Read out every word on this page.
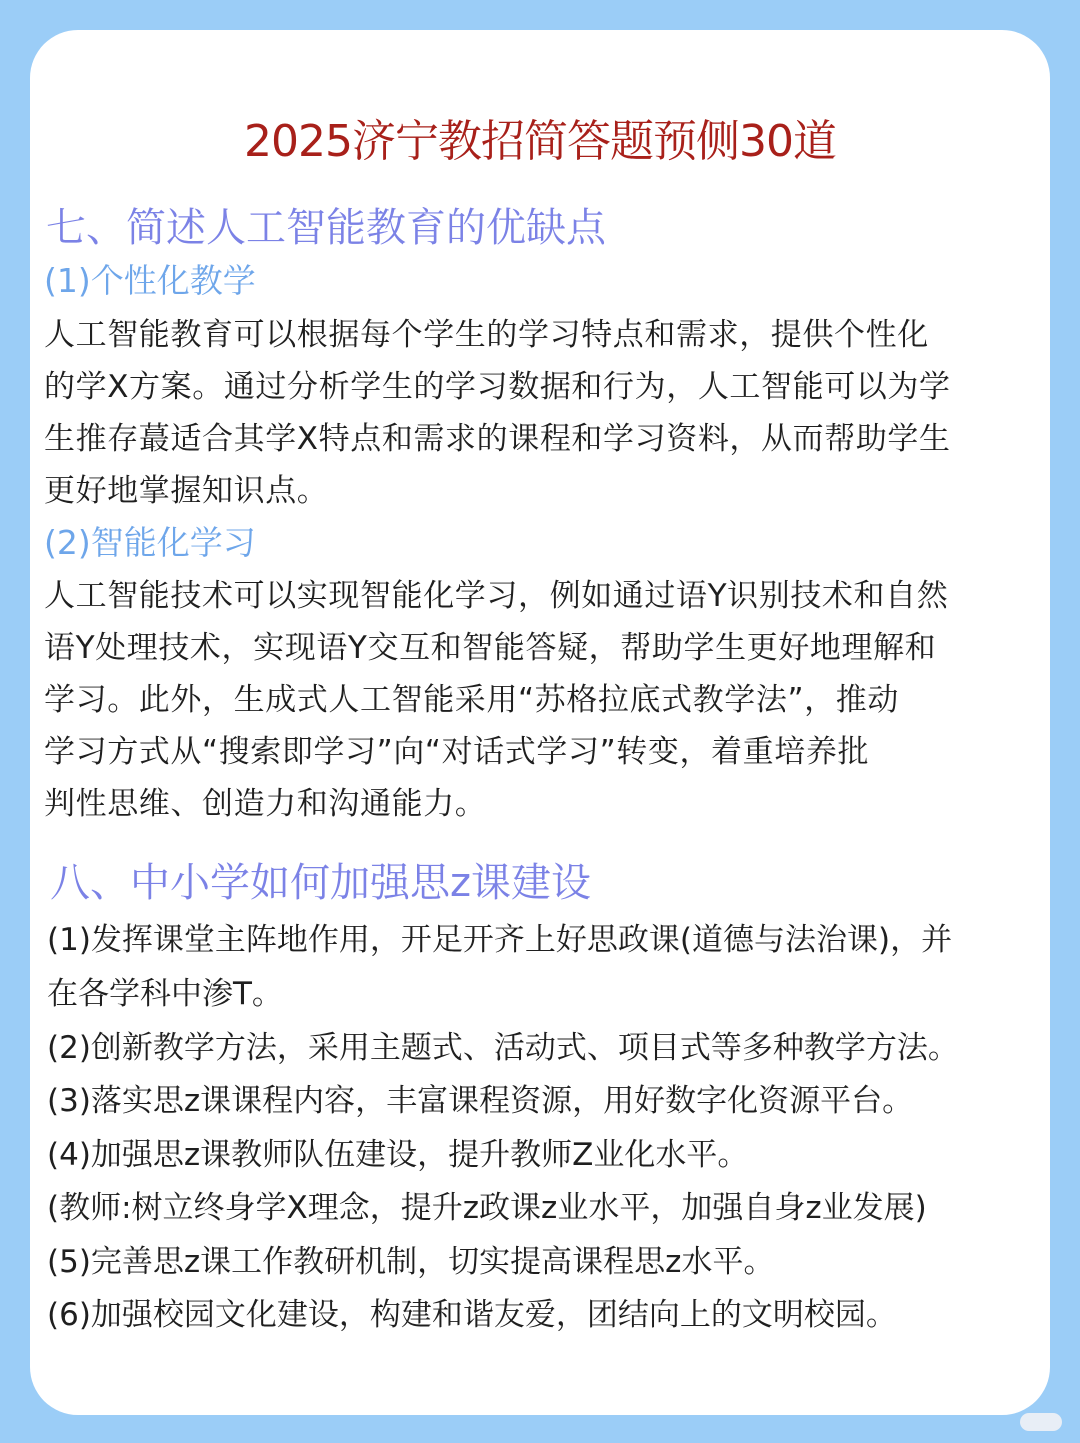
2025济宁教招简答题预侧30道
七、简述人工智能教育的优缺点
(1)个性化教学
人工智能教育可以根据每个学生的学习特点和需求，提供个性化
的学X方案。通过分析学生的学习数据和行为，人工智能可以为学
生推存蕞适合其学X特点和需求的课程和学习资料，从而帮助学生
更好地掌握知识点。
(2)智能化学习
人工智能技术可以实现智能化学习，例如通过语Y识别技术和自然
语Y处理技术，实现语Y交互和智能答疑，帮助学生更好地理解和
学习。此外，生成式人工智能采用“苏格拉底式教学法”，推动
学习方式从“搜索即学习”向“对话式学习”转变，着重培养批
判性思维、创造力和沟通能力。
八、中小学如何加强思z课建设
(1)发挥课堂主阵地作用，开足开齐上好思政课(道德与法治课)，并
在各学科中渗T。
(2)创新教学方法，采用主题式、活动式、项目式等多种教学方法。
(3)落实思z课课程内容，丰富课程资源，用好数字化资源平台。
(4)加强思z课教师队伍建设，提升教师Z业化水平。
(教师:树立终身学X理念，提升z政课z业水平，加强自身z业发展)
(5)完善思z课工作教研机制，切实提高课程思z水平。
(6)加强校园文化建设，构建和谐友爱，团结向上的文明校园。
